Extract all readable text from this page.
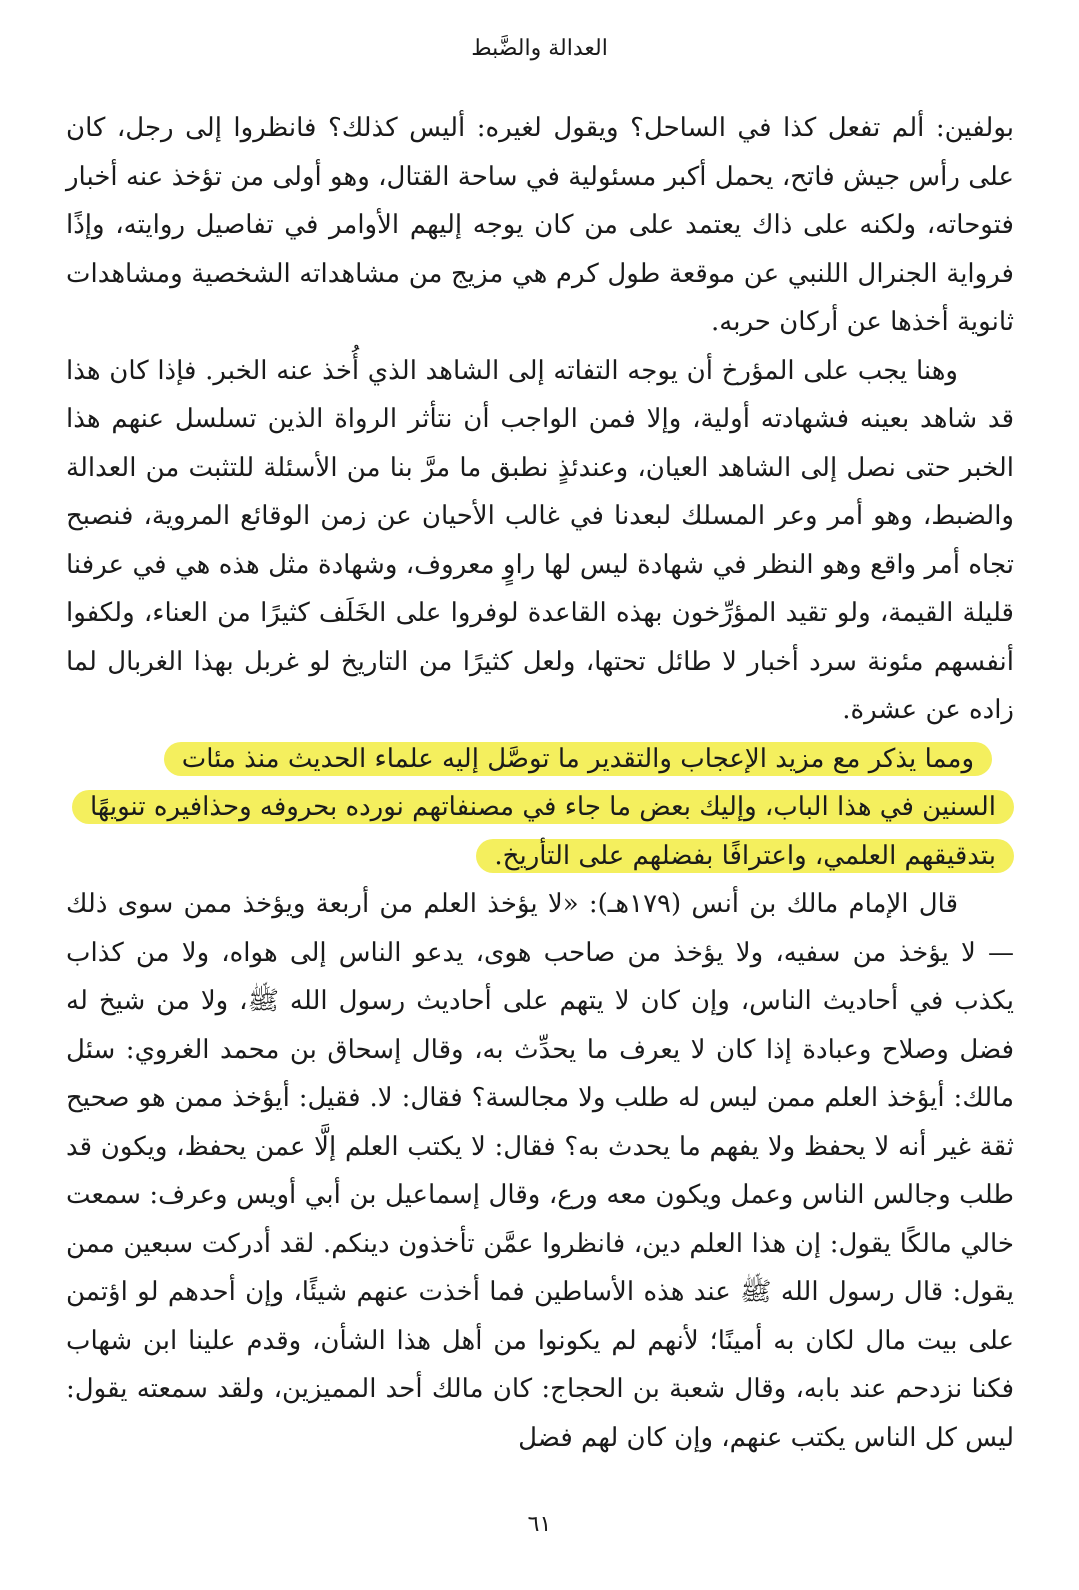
العدالة والضَّبط

بولفين: ألم تفعل كذا في الساحل؟ ويقول لغيره: أليس كذلك؟ فانظروا إلى رجل، كان على رأس جيش فاتح، يحمل أكبر مسئولية في ساحة القتال، وهو أولى من تؤخذ عنه أخبار فتوحاته، ولكنه على ذاك يعتمد على من كان يوجه إليهم الأوامر في تفاصيل روايته، وإذًا فرواية الجنرال اللنبي عن موقعة طول كرم هي مزيج من مشاهداته الشخصية ومشاهدات ثانوية أخذها عن أركان حربه.

وهنا يجب على المؤرخ أن يوجه التفاته إلى الشاهد الذي أُخذ عنه الخبر. فإذا كان هذا قد شاهد بعينه فشهادته أولية، وإلا فمن الواجب أن نتأثر الرواة الذين تسلسل عنهم هذا الخبر حتى نصل إلى الشاهد العيان، وعندئذٍ نطبق ما مرَّ بنا من الأسئلة للتثبت من العدالة والضبط، وهو أمر وعر المسلك لبعدنا في غالب الأحيان عن زمن الوقائع المروية، فنصبح تجاه أمر واقع وهو النظر في شهادة ليس لها راوٍ معروف، وشهادة مثل هذه هي في عرفنا قليلة القيمة، ولو تقيد المؤرِّخون بهذه القاعدة لوفروا على الخَلَف كثيرًا من العناء، ولكفوا أنفسهم مئونة سرد أخبار لا طائل تحتها، ولعل كثيرًا من التاريخ لو غربل بهذا الغربال لما زاده عن عشرة.

ومما يذكر مع مزيد الإعجاب والتقدير ما توصَّل إليه علماء الحديث منذ مئات
السنين في هذا الباب، وإليك بعض ما جاء في مصنفاتهم نورده بحروفه وحذافيره تنويهًا
بتدقيقهم العلمي، واعترافًا بفضلهم على التأريخ.

قال الإمام مالك بن أنس (١٧٩هـ): «لا يؤخذ العلم من أربعة ويؤخذ ممن سوى ذلك — لا يؤخذ من سفيه، ولا يؤخذ من صاحب هوى، يدعو الناس إلى هواه، ولا من كذاب يكذب في أحاديث الناس، وإن كان لا يتهم على أحاديث رسول الله ﷺ، ولا من شيخ له فضل وصلاح وعبادة إذا كان لا يعرف ما يحدِّث به، وقال إسحاق بن محمد الغروي: سئل مالك: أيؤخذ العلم ممن ليس له طلب ولا مجالسة؟ فقال: لا. فقيل: أيؤخذ ممن هو صحيح ثقة غير أنه لا يحفظ ولا يفهم ما يحدث به؟ فقال: لا يكتب العلم إلَّا عمن يحفظ، ويكون قد طلب وجالس الناس وعمل ويكون معه ورع، وقال إسماعيل بن أبي أويس وعرف: سمعت خالي مالكًا يقول: إن هذا العلم دين، فانظروا عمَّن تأخذون دينكم. لقد أدركت سبعين ممن يقول: قال رسول الله ﷺ عند هذه الأساطين فما أخذت عنهم شيئًا، وإن أحدهم لو اؤتمن على بيت مال لكان به أمينًا؛ لأنهم لم يكونوا من أهل هذا الشأن، وقدم علينا ابن شهاب فكنا نزدحم عند بابه، وقال شعبة بن الحجاج: كان مالك أحد المميزين، ولقد سمعته يقول: ليس كل الناس يكتب عنهم، وإن كان لهم فضل

٦١
